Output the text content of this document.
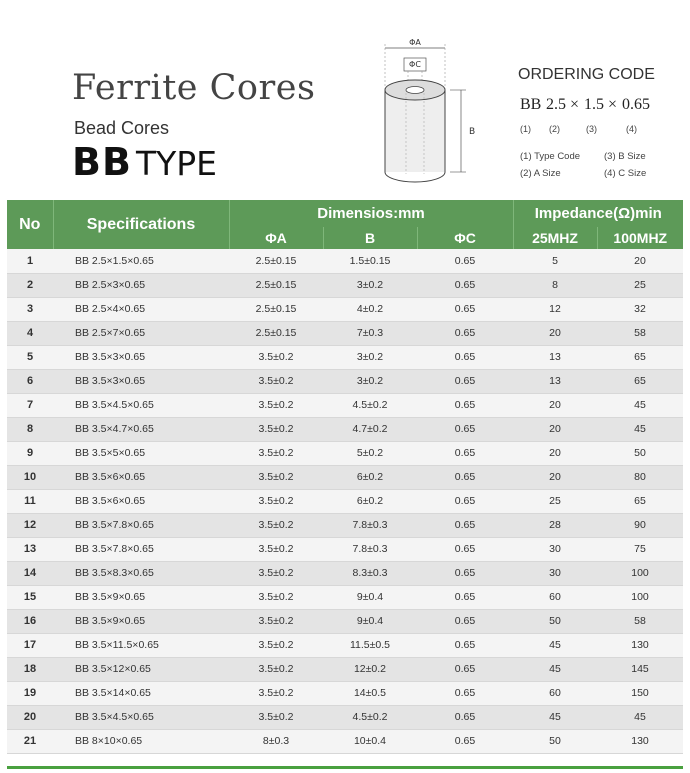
Ferrite Cores
Bead Cores
BB TYPE
ΦA
ΦC
B
ORDERING CODE
BB 2.5 × 1.5 × 0.65
(1) (2)	(3)	(4)
(1) Type Code	(3) B Size
(2) A Size	(4) C Size
No	Specifications	Dimensios:mm			Impedance(Ω)min	
		ΦA	B	ΦC	25MHZ	100MHZ
1	BB 2.5×1.5×0.65	2.5±0.15	1.5±0.15	0.65	5	20
2	BB 2.5×3×0.65	2.5±0.15	3±0.2	0.65	8	25
3	BB 2.5×4×0.65	2.5±0.15	4±0.2	0.65	12	32
4	BB 2.5×7×0.65	2.5±0.15	7±0.3	0.65	20	58
5	BB 3.5×3×0.65	3.5±0.2	3±0.2	0.65	13	65
6	BB 3.5×3×0.65	3.5±0.2	3±0.2	0.65	13	65
7	BB 3.5×4.5×0.65	3.5±0.2	4.5±0.2	0.65	20	45
8	BB 3.5×4.7×0.65	3.5±0.2	4.7±0.2	0.65	20	45
9	BB 3.5×5×0.65	3.5±0.2	5±0.2	0.65	20	50
10	BB 3.5×6×0.65	3.5±0.2	6±0.2	0.65	20	80
11	BB 3.5×6×0.65	3.5±0.2	6±0.2	0.65	25	65
12	BB 3.5×7.8×0.65	3.5±0.2	7.8±0.3	0.65	28	90
13	BB 3.5×7.8×0.65	3.5±0.2	7.8±0.3	0.65	30	75
14	BB 3.5×8.3×0.65	3.5±0.2	8.3±0.3	0.65	30	100
15	BB 3.5×9×0.65	3.5±0.2	9±0.4	0.65	60	100
16	BB 3.5×9×0.65	3.5±0.2	9±0.4	0.65	50	58
17	BB 3.5×11.5×0.65	3.5±0.2	11.5±0.5	0.65	45	130
18	BB 3.5×12×0.65	3.5±0.2	12±0.2	0.65	45	145
19	BB 3.5×14×0.65	3.5±0.2	14±0.5	0.65	60	150
20	BB 3.5×4.5×0.65	3.5±0.2	4.5±0.2	0.65	45	45
21	BB 8×10×0.65	8±0.3	10±0.4	0.65	50	130
